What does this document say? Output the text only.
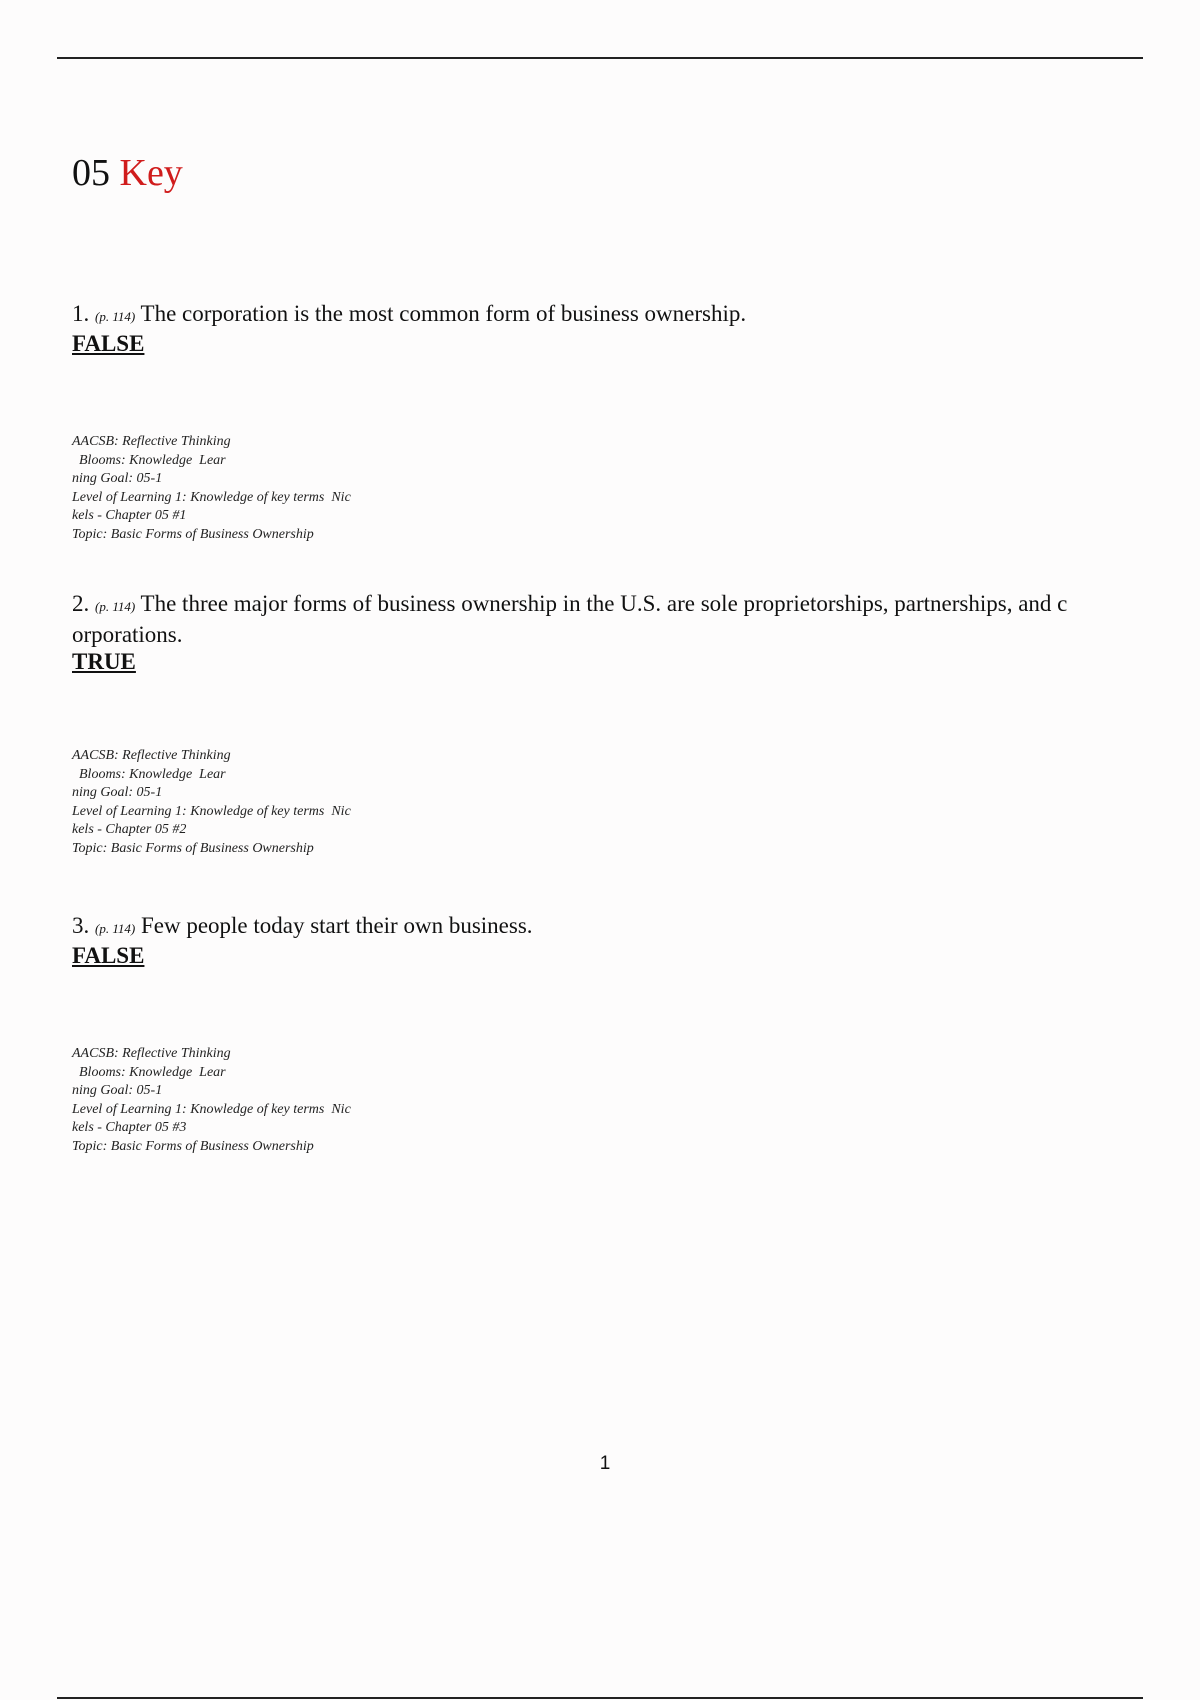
05 Key

1. (p. 114) The corporation is the most common form of business ownership.

FALSE

AACSB: Reflective Thinking
Blooms: Knowledge  Lear
ning Goal: 05-1
Level of Learning 1: Knowledge of key terms  Nic
kels - Chapter 05 #1
Topic: Basic Forms of Business Ownership

2. (p. 114) The three major forms of business ownership in the U.S. are sole proprietorships, partnerships, and c orporations.

TRUE

AACSB: Reflective Thinking
Blooms: Knowledge  Lear
ning Goal: 05-1
Level of Learning 1: Knowledge of key terms  Nic
kels - Chapter 05 #2
Topic: Basic Forms of Business Ownership

3. (p. 114) Few people today start their own business.

FALSE

AACSB: Reflective Thinking
Blooms: Knowledge  Lear
ning Goal: 05-1
Level of Learning 1: Knowledge of key terms  Nic
kels - Chapter 05 #3
Topic: Basic Forms of Business Ownership
1
